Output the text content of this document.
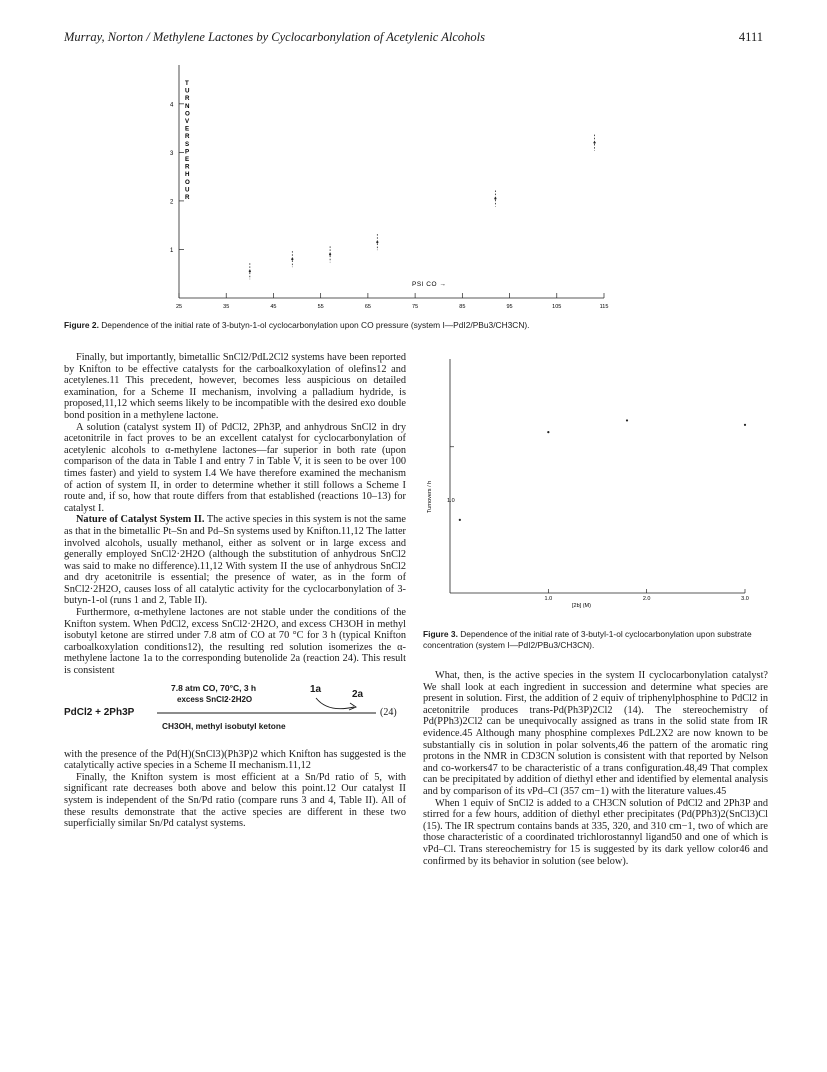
Murray, Norton / Methylene Lactones by Cyclocarbonylation of Acetylenic Alcohols	4111
T
U
R
N
O
V
E
R
S
P
E
R
H
O
U
R
4
3
2
1
25	35	45	55	65	75	85	95	105	115
PSI CO →
Figure 2. Dependence of the initial rate of 3-butyn-1-ol cyclocarbonylation upon CO pressure (system I—PdI2/PBu3/CH3CN).

Finally, but importantly, bimetallic SnCl2/PdL2Cl2 systems have been reported by Knifton to be effective catalysts for the carboalkoxylation of olefins12 and acetylenes.11 This precedent, however, becomes less auspicious on detailed examination, for a Scheme II mechanism, involving a palladium hydride, is proposed,11,12 which seems likely to be incompatible with the desired exo double bond position in a methylene lactone.

A solution (catalyst system II) of PdCl2, 2Ph3P, and anhydrous SnCl2 in dry acetonitrile in fact proves to be an excellent catalyst for cyclocarbonylation of acetylenic alcohols to α-methylene lactones—far superior in both rate (upon comparison of the data in Table I and entry 7 in Table V, it is seen to be over 100 times faster) and yield to system I.4 We have therefore examined the mechanism of action of system II, in order to determine whether it still follows a Scheme I route and, if so, how that route differs from that established (reactions 10–13) for catalyst I.

Nature of Catalyst System II. The active species in this system is not the same as that in the bimetallic Pt–Sn and Pd–Sn systems used by Knifton.11,12 The latter involved alcohols, usually methanol, either as solvent or in large excess and generally employed SnCl2·2H2O (although the substitution of anhydrous SnCl2 was said to make no difference).11,12 With system II the use of anhydrous SnCl2 and dry acetonitrile is essential; the presence of water, as in the form of SnCl2·2H2O, causes loss of all catalytic activity for the cyclocarbonylation of 3-butyn-1-ol (runs 1 and 2, Table II).

Furthermore, α-methylene lactones are not stable under the conditions of the Knifton system. When PdCl2, excess SnCl2·2H2O, and excess CH3OH in methyl isobutyl ketone are stirred under 7.8 atm of CO at 70 °C for 3 h (typical Knifton carboalkoxylation conditions12), the resulting red solution isomerizes the α-methylene lactone 1a to the corresponding butenolide 2a (reaction 24). This result is consistent

7.8 atm CO, 70°C, 3 h
excess SnCl2·2H2O
1a	2a
PdCl2 + 2Ph3P	(24)
CH3OH, methyl isobutyl ketone

with the presence of the Pd(H)(SnCl3)(Ph3P)2 which Knifton has suggested is the catalytically active species in a Scheme II mechanism.11,12

Finally, the Knifton system is most efficient at a Sn/Pd ratio of 5, with significant rate decreases both above and below this point.12 Our catalyst II system is independent of the Sn/Pd ratio (compare runs 3 and 4, Table II). All of these results demonstrate that the active species are different in these two superficially similar Sn/Pd catalyst systems.

1.0	2.0	3.0
Turnovers / h	1.0
[2b] (M)
Figure 3. Dependence of the initial rate of 3-butyl-1-ol cyclocarbonylation upon substrate concentration (system I—PdI2/PBu3/CH3CN).

What, then, is the active species in the system II cyclocarbonylation catalyst? We shall look at each ingredient in succession and determine what species are present in solution. First, the addition of 2 equiv of triphenylphosphine to PdCl2 in acetonitrile produces trans-Pd(Ph3P)2Cl2 (14). The stereochemistry of Pd(PPh3)2Cl2 can be unequivocally assigned as trans in the solid state from IR evidence.45 Although many phosphine complexes PdL2X2 are now known to be substantially cis in solution in polar solvents,46 the pattern of the aromatic ring protons in the NMR in CD3CN solution is consistent with that reported by Nelson and co-workers47 to be characteristic of a trans configuration.48,49 That complex can be precipitated by addition of diethyl ether and identified by elemental analysis and by comparison of its νPd–Cl (357 cm−1) with the literature values.45

When 1 equiv of SnCl2 is added to a CH3CN solution of PdCl2 and 2Ph3P and stirred for a few hours, addition of diethyl ether precipitates (Pd(PPh3)2(SnCl3)Cl (15). The IR spectrum contains bands at 335, 320, and 310 cm−1, two of which are those characteristic of a coordinated trichlorostannyl ligand50 and one of which is νPd–Cl. Trans stereochemistry for 15 is suggested by its dark yellow color46 and confirmed by its behavior in solution (see below).
